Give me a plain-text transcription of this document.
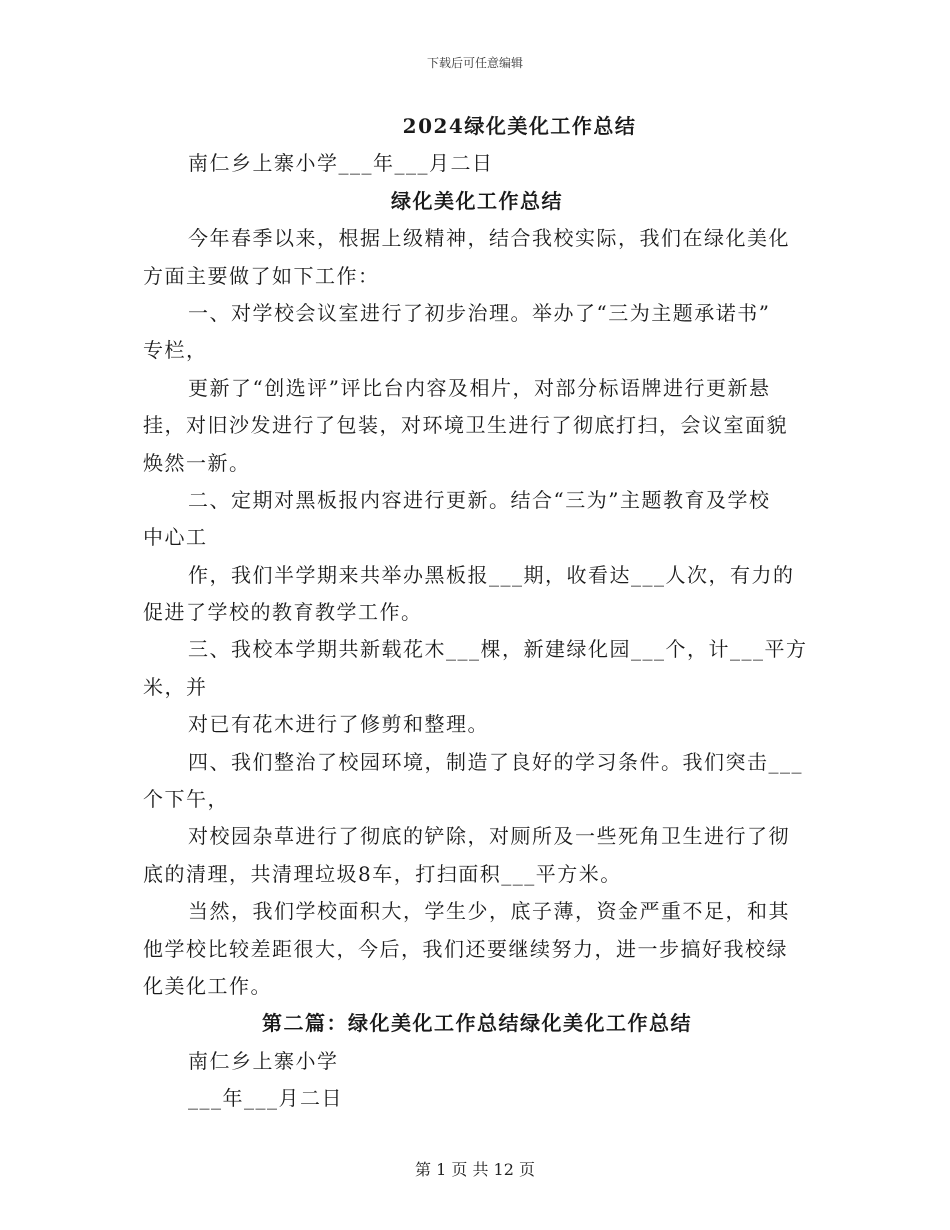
下载后可任意编辑
2024绿化美化工作总结
南仁乡上寨小学___年___月二日
绿化美化工作总结
今年春季以来，根据上级精神，结合我校实际，我们在绿化美化
方面主要做了如下工作：
一、对学校会议室进行了初步治理。举办了“三为主题承诺书”
专栏，
更新了“创选评”评比台内容及相片，对部分标语牌进行更新悬
挂，对旧沙发进行了包装，对环境卫生进行了彻底打扫，会议室面貌
焕然一新。
二、定期对黑板报内容进行更新。结合“三为”主题教育及学校
中心工
作，我们半学期来共举办黑板报___期，收看达___人次，有力的
促进了学校的教育教学工作。
三、我校本学期共新载花木___棵，新建绿化园___个，计___平方
米，并
对已有花木进行了修剪和整理。
四、我们整治了校园环境，制造了良好的学习条件。我们突击___
个下午，
对校园杂草进行了彻底的铲除，对厕所及一些死角卫生进行了彻
底的清理，共清理垃圾8车，打扫面积___平方米。
当然，我们学校面积大，学生少，底子薄，资金严重不足，和其
他学校比较差距很大，今后，我们还要继续努力，进一步搞好我校绿
化美化工作。
第二篇：绿化美化工作总结绿化美化工作总结
南仁乡上寨小学
___年___月二日
第 1 页 共 12 页
